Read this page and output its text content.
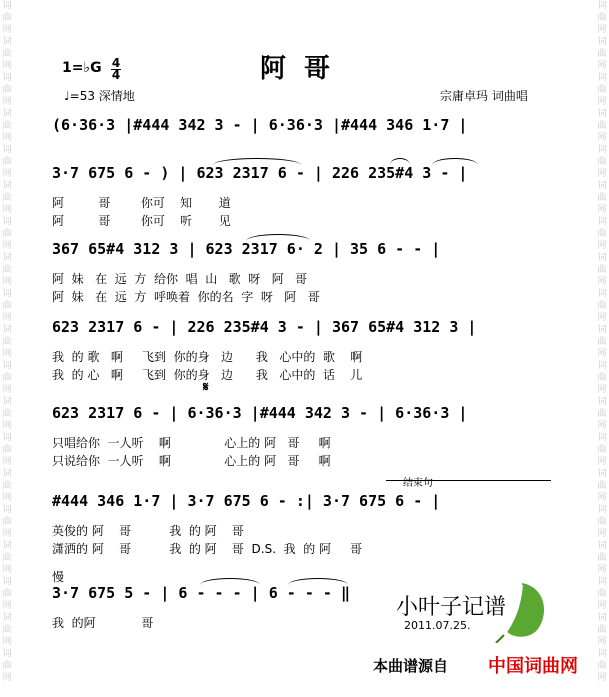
词
曲
网
词
曲
网
词
曲
网
词
曲
网
词
曲
网
词
曲
网
词
曲
网
词
曲
网
词
曲
网
词
曲
网
词
曲
网
词
曲
网
词
曲
网
词
曲
网
词
曲
网
词
曲
网
词
曲
网
词
曲
网
词
曲
网
词
曲
网
词
曲
网
词
曲
网
词
曲
网
词
曲
网
词
曲
网
词
曲
网
词
曲
网
词
曲
网
词
曲
网
词
曲
网
词
曲
网
词
曲
网
词
曲
网
词
曲
网
词
曲
网
词
曲
网
词
曲
网
词
曲
网
1=♭G 4
4
♩=53 深情地
阿哥
宗庸卓玛 词曲唱
(6·36·3 |#444 342 3 - | 6·36·3 |#444 346 1·7 |
3·7 675 6 - ) | 623 2317 6 - | 226 235#4 3 - |
阿         哥        你可    知       道
阿         哥        你可    听       见
367 65#4 312 3 | 623 2317 6· 2 | 35 6 - - |
阿  妹   在  远  方  给你  唱  山   歌  呀   阿   哥
阿  妹   在  远  方  呼唤着  你的名  字  呀   阿   哥
623 2317 6 - | 226 235#4 3 - | 367 65#4 312 3 |
我  的 歌   啊     飞到  你的身   边      我   心中的  歌    啊
我  的 心   啊     飞到  你的身   边      我   心中的  话    儿
𝄋
623 2317 6 - | 6·36·3 |#444 342 3 - | 6·36·3 |
只唱给你  一人听    啊              心上的 阿   哥     啊
只说给你  一人听    啊              心上的 阿   哥     啊
结束句
#444 346 1·7 | 3·7 675 6 - :| 3·7 675 6 - |
英俊的 阿    哥          我  的 阿    哥
潇洒的 阿    哥          我  的 阿    哥  D.S.  我  的 阿     哥
慢
3·7 675 5 - | 6 - - - | 6 - - - ‖
我  的阿            哥
小叶子记谱
2011.07.25.
本曲谱源自 中国词曲网
